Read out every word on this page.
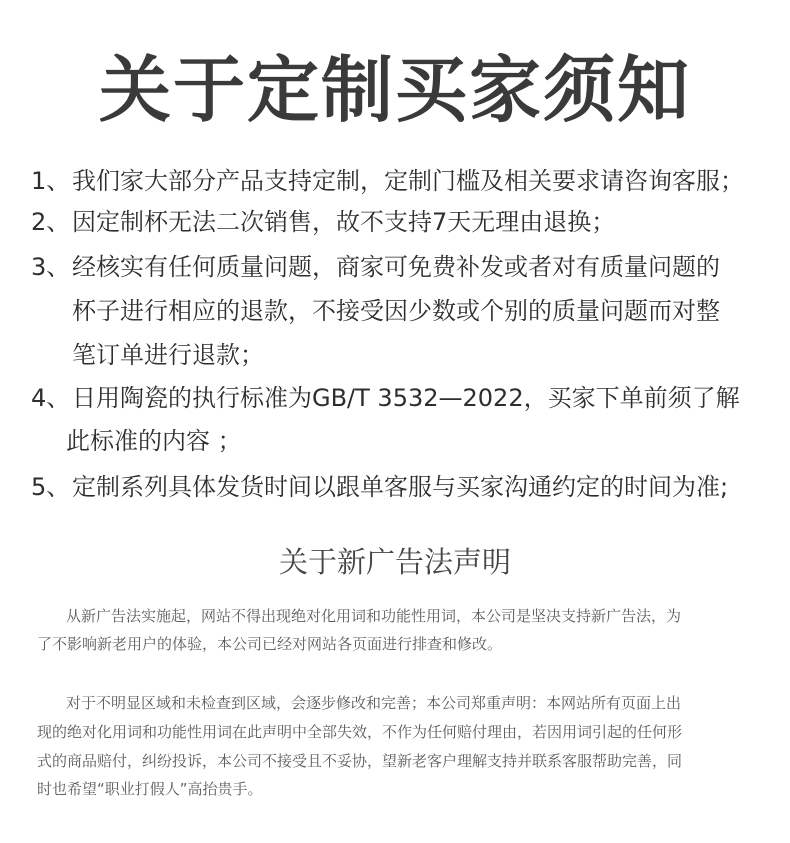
关于定制买家须知
1、 我们家大部分产品支持定制，定制门槛及相关要求请咨询客服；
2、 因定制杯无法二次销售，故不支持7天无理由退换；
3、 经核实有任何质量问题，商家可免费补发或者对有质量问题的
杯子进行相应的退款，不接受因少数或个别的质量问题而对整
笔订单进行退款；
4、 日用陶瓷的执行标准为GB/T 3532—2022，买家下单前须了解
此标准的内容 ；
5、 定制系列具体发货时间以跟单客服与买家沟通约定的时间为准;
关于新广告法声明
从新广告法实施起，网站不得出现绝对化用词和功能性用词，本公司是坚决支持新广告法，为
了不影响新老用户的体验，本公司已经对网站各页面进行排查和修改。
对于不明显区域和未检查到区域，会逐步修改和完善；本公司郑重声明：本网站所有页面上出
现的绝对化用词和功能性用词在此声明中全部失效，不作为任何赔付理由，若因用词引起的任何形
式的商品赔付，纠纷投诉，本公司不接受且不妥协，望新老客户理解支持并联系客服帮助完善，同
时也希望“职业打假人”高抬贵手。
